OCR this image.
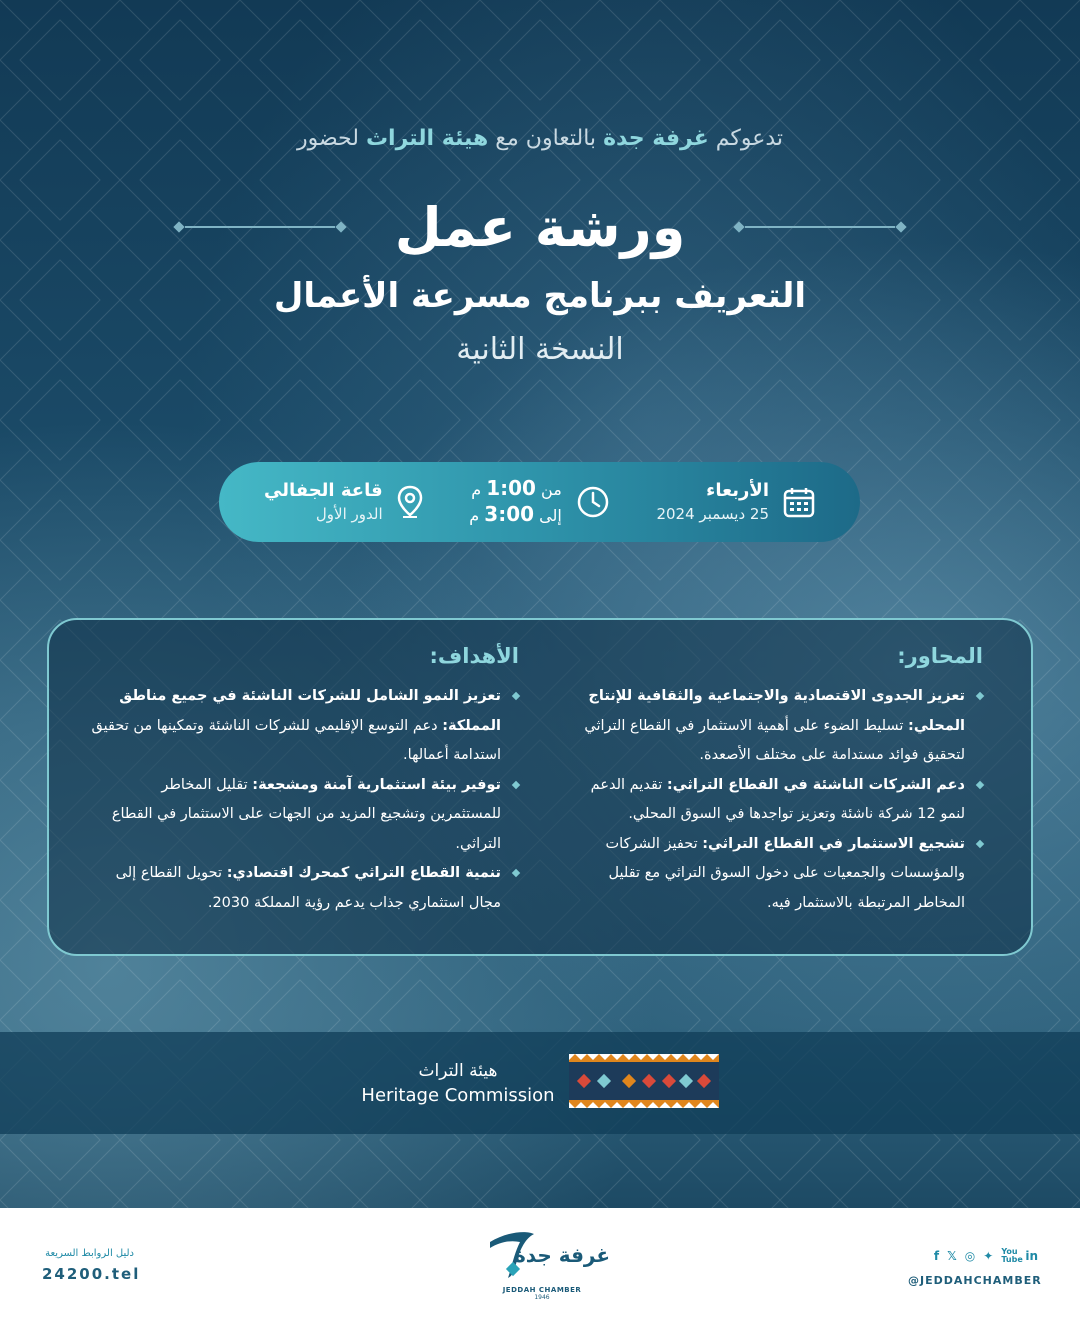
تدعوكم غرفة جدة بالتعاون مع هيئة التراث لحضور
ورشة عمل
التعريف ببرنامج مسرعة الأعمال
النسخة الثانية
الأربعاء
25 ديسمبر 2024
من 1:00 م
إلى 3:00 م
قاعة الجفالي
الدور الأول
المحاور:
تعزيز الجدوى الاقتصادية والاجتماعية والثقافية للإنتاج المحلي: تسليط الضوء على أهمية الاستثمار في القطاع التراثي لتحقيق فوائد مستدامة على مختلف الأصعدة.
دعم الشركات الناشئة في القطاع التراثي: تقديم الدعم لنمو 12 شركة ناشئة وتعزيز تواجدها في السوق المحلي.
تشجيع الاستثمار في القطاع التراثي: تحفيز الشركات والمؤسسات والجمعيات على دخول السوق التراثي مع تقليل المخاطر المرتبطة بالاستثمار فيه.
الأهداف:
تعزيز النمو الشامل للشركات الناشئة في جميع مناطق المملكة: دعم التوسع الإقليمي للشركات الناشئة وتمكينها من تحقيق استدامة أعمالها.
توفير بيئة استثمارية آمنة ومشجعة: تقليل المخاطر للمستثمرين وتشجيع المزيد من الجهات على الاستثمار في القطاع التراثي.
تنمية القطاع التراثي كمحرك اقتصادي: تحويل القطاع إلى مجال استثماري جذاب يدعم رؤية المملكة 2030.
هيئة التراث
Heritage Commission
دليل الروابط السريعة
24200.tel
غرفة جدة
JEDDAH CHAMBER
1946
f 𝕏 ◎ ✦ You Tube in
@JEDDAHCHAMBER
